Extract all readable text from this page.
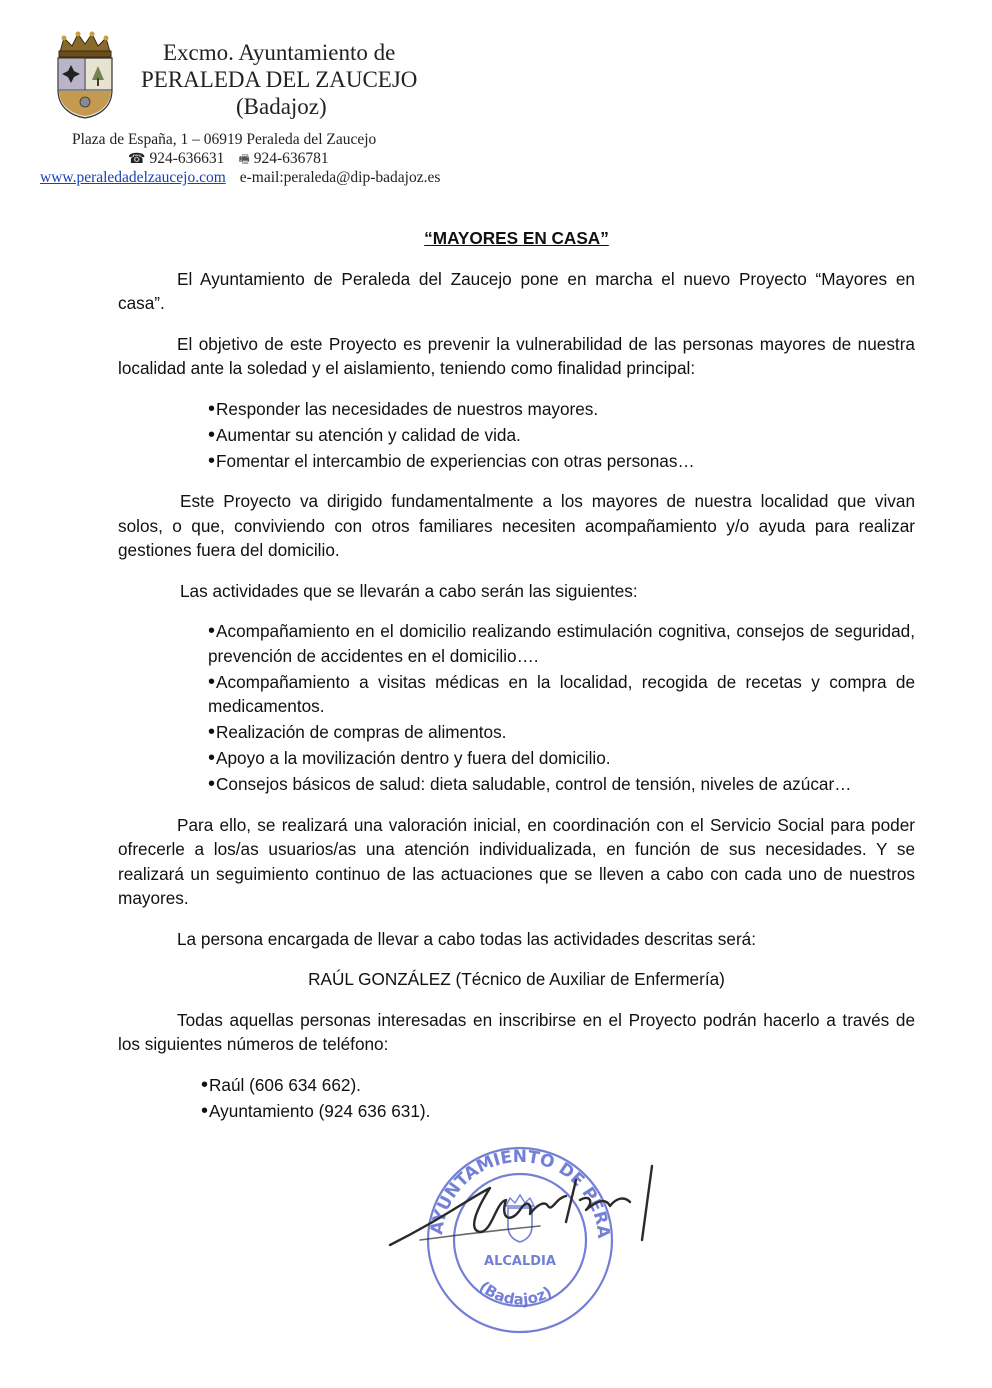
Excmo. Ayuntamiento de
PERALEDA DEL ZAUCEJO
(Badajoz)
Plaza de España, 1 – 06919 Peraleda del Zaucejo
☎ 924-636631 🖷 924-636781
www.peraledadelzaucejo.com e-mail:peraleda@dip-badajoz.es
“MAYORES EN CASA”

El Ayuntamiento de Peraleda del Zaucejo pone en marcha el nuevo Proyecto “Mayores en casa”.

El objetivo de este Proyecto es prevenir la vulnerabilidad de las personas mayores de nuestra localidad ante la soledad y el aislamiento, teniendo como finalidad principal:

• Responder las necesidades de nuestros mayores.
• Aumentar su atención y calidad de vida.
• Fomentar el intercambio de experiencias con otras personas…

Este Proyecto va dirigido fundamentalmente a los mayores de nuestra localidad que vivan solos, o que, conviviendo con otros familiares necesiten acompañamiento y/o ayuda para realizar gestiones fuera del domicilio.

Las actividades que se llevarán a cabo serán las siguientes:

• Acompañamiento en el domicilio realizando estimulación cognitiva, consejos de seguridad, prevención de accidentes en el domicilio….
• Acompañamiento a visitas médicas en la localidad, recogida de recetas y compra de medicamentos.
• Realización de compras de alimentos.
• Apoyo a la movilización dentro y fuera del domicilio.
• Consejos básicos de salud: dieta saludable, control de tensión, niveles de azúcar…

Para ello, se realizará una valoración inicial, en coordinación con el Servicio Social para poder ofrecerle a los/as usuarios/as una atención individualizada, en función de sus necesidades. Y se realizará un seguimiento continuo de las actuaciones que se lleven a cabo con cada uno de nuestros mayores.

La persona encargada de llevar a cabo todas las actividades descritas será:

RAÚL GONZÁLEZ (Técnico de Auxiliar de Enfermería)

Todas aquellas personas interesadas en inscribirse en el Proyecto podrán hacerlo a través de los siguientes números de teléfono:

• Raúl (606 634 662).
• Ayuntamiento (924 636 631).
AYUNTAMIENTO DE PERA
(Badajoz)
ALCALDIA
